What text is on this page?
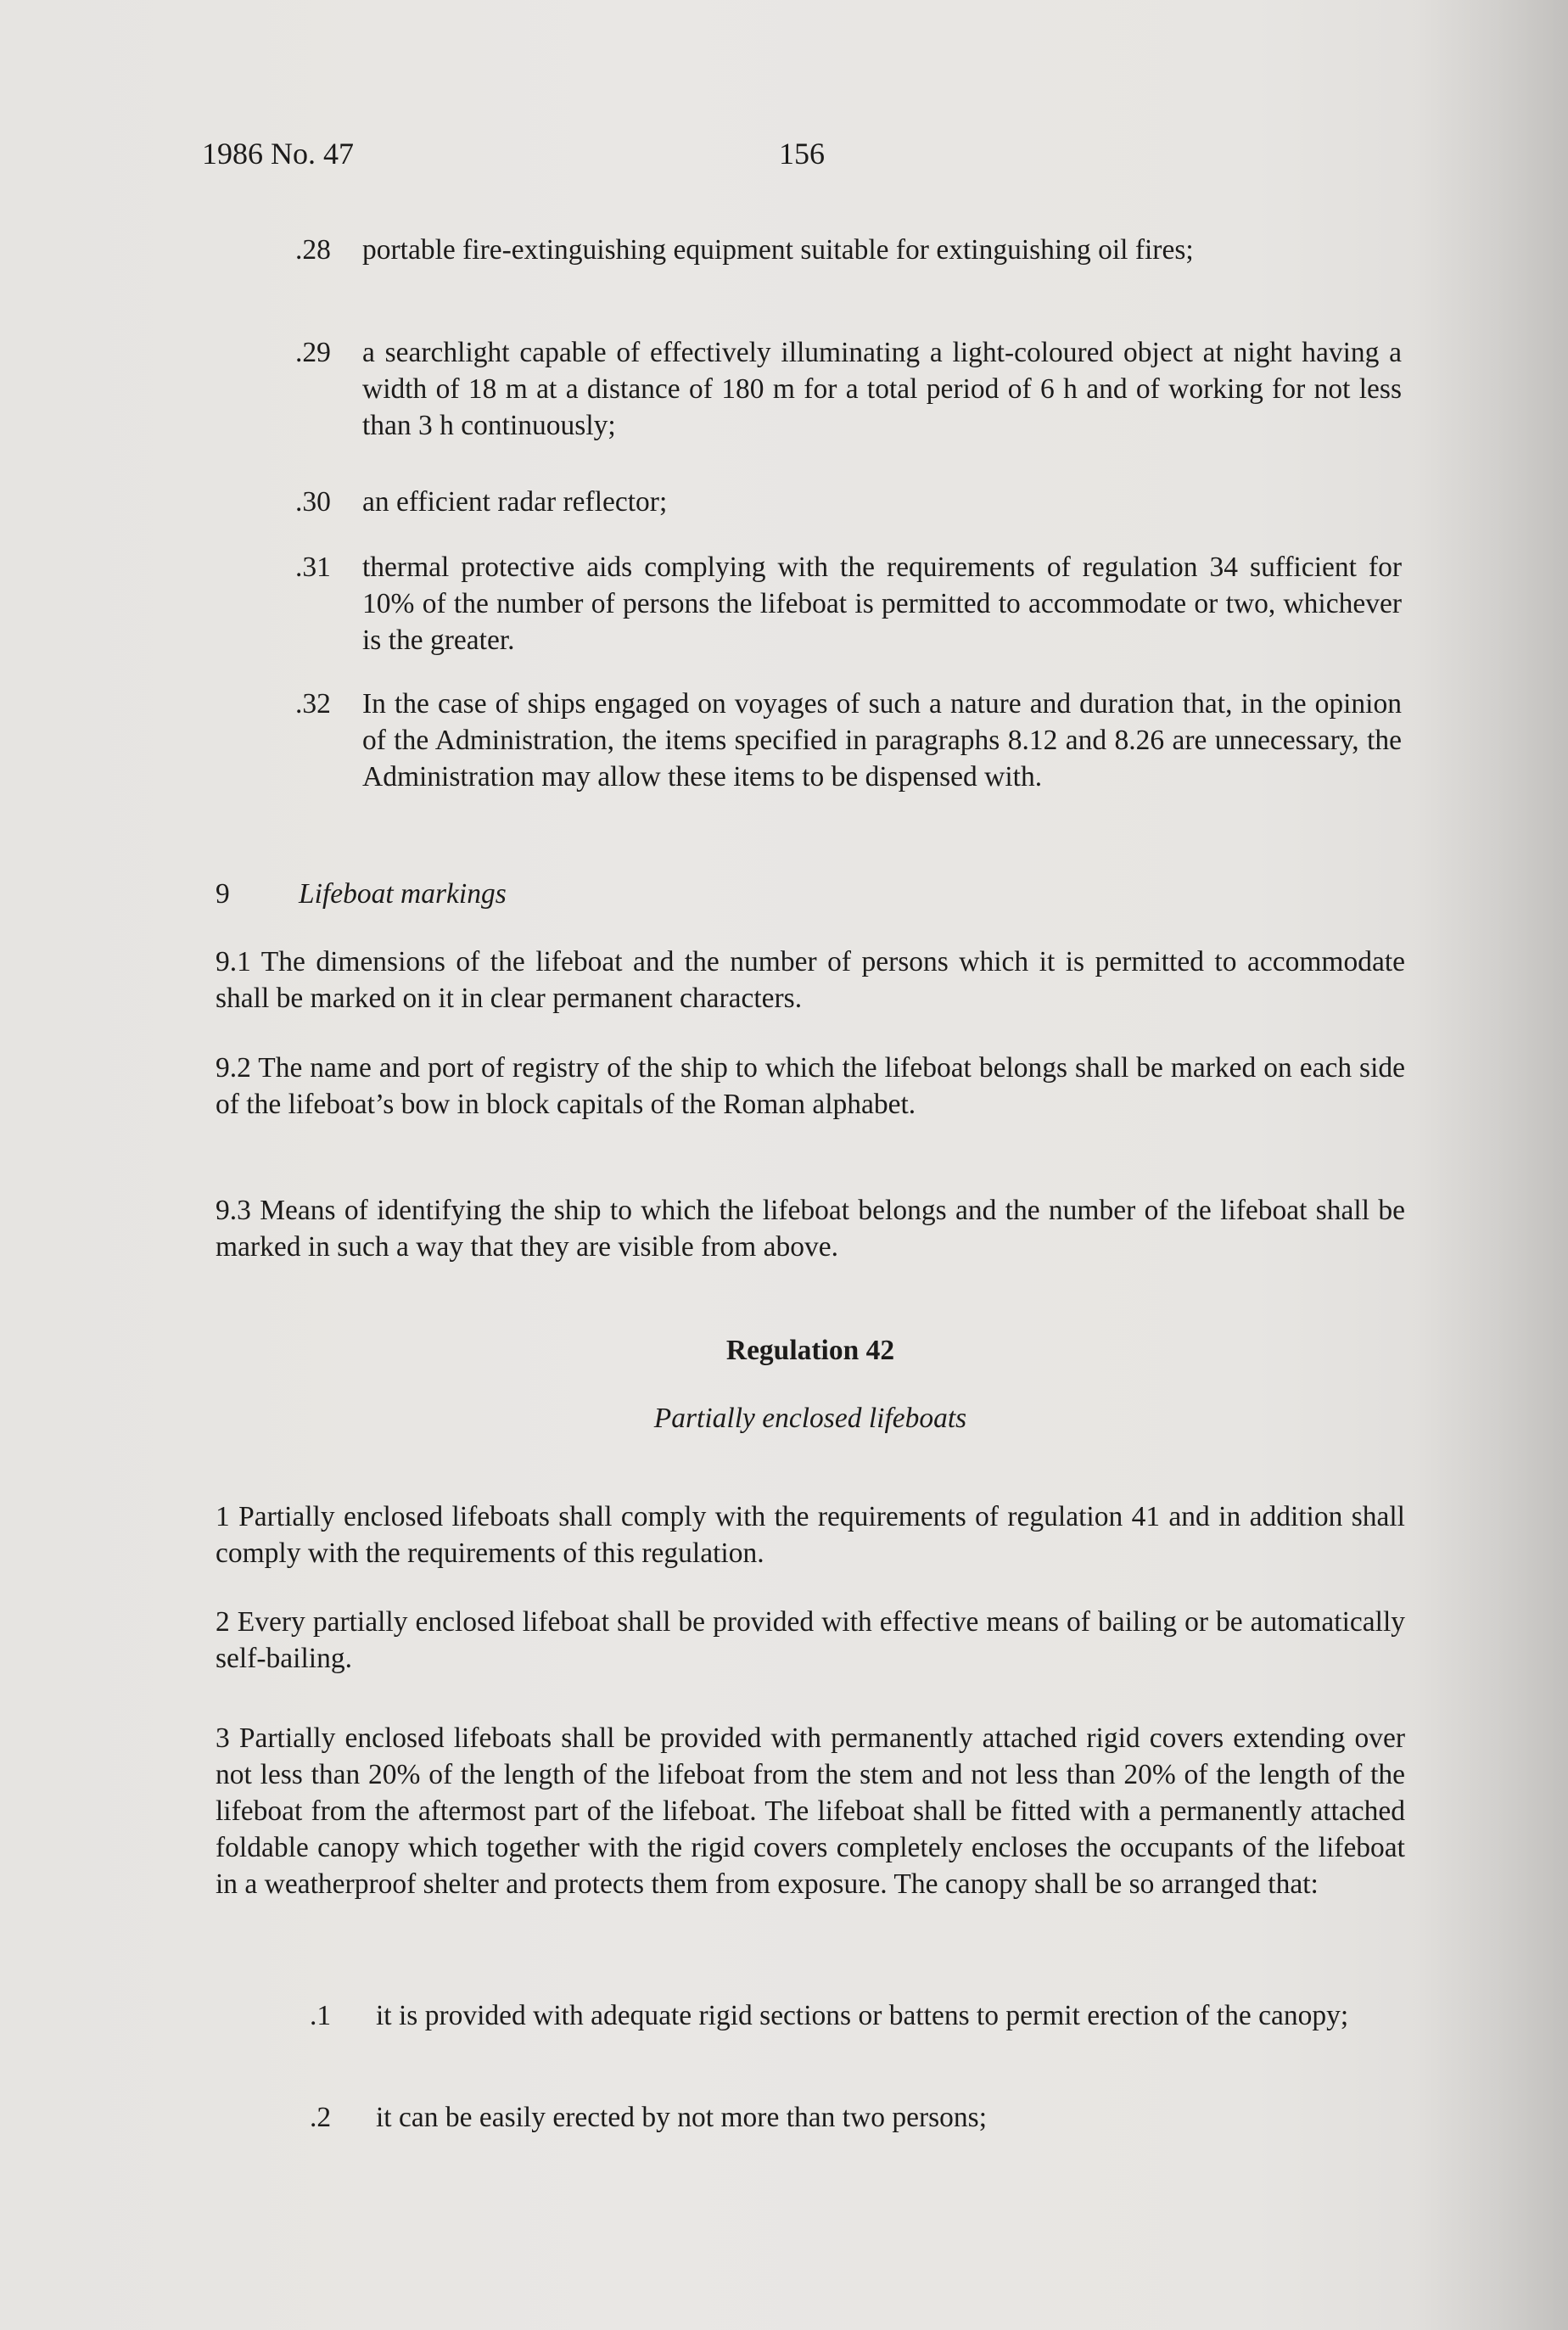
1986 No. 47	156
.28 portable fire-extinguishing equipment suitable for extinguishing oil fires;
.29 a searchlight capable of effectively illuminating a light-coloured object at night having a width of 18 m at a distance of 180 m for a total period of 6 h and of working for not less than 3 h continuously;
.30 an efficient radar reflector;
.31 thermal protective aids complying with the requirements of regulation 34 sufficient for 10% of the number of persons the lifeboat is permitted to accommodate or two, whichever is the greater.
.32 In the case of ships engaged on voyages of such a nature and duration that, in the opinion of the Administration, the items specified in paragraphs 8.12 and 8.26 are unnecessary, the Administration may allow these items to be dispensed with.
9 Lifeboat markings
9.1 The dimensions of the lifeboat and the number of persons which it is permitted to accommodate shall be marked on it in clear permanent characters.
9.2 The name and port of registry of the ship to which the lifeboat belongs shall be marked on each side of the lifeboat’s bow in block capitals of the Roman alphabet.
9.3 Means of identifying the ship to which the lifeboat belongs and the number of the lifeboat shall be marked in such a way that they are visible from above.
Regulation 42
Partially enclosed lifeboats
1 Partially enclosed lifeboats shall comply with the requirements of regulation 41 and in addition shall comply with the requirements of this regulation.
2 Every partially enclosed lifeboat shall be provided with effective means of bailing or be automatically self-bailing.
3 Partially enclosed lifeboats shall be provided with permanently attached rigid covers extending over not less than 20% of the length of the lifeboat from the stem and not less than 20% of the length of the lifeboat from the aftermost part of the lifeboat. The lifeboat shall be fitted with a permanently attached foldable canopy which together with the rigid covers completely encloses the occupants of the lifeboat in a weatherproof shelter and protects them from exposure. The canopy shall be so arranged that:
.1 it is provided with adequate rigid sections or battens to permit erection of the canopy;
.2 it can be easily erected by not more than two persons;
